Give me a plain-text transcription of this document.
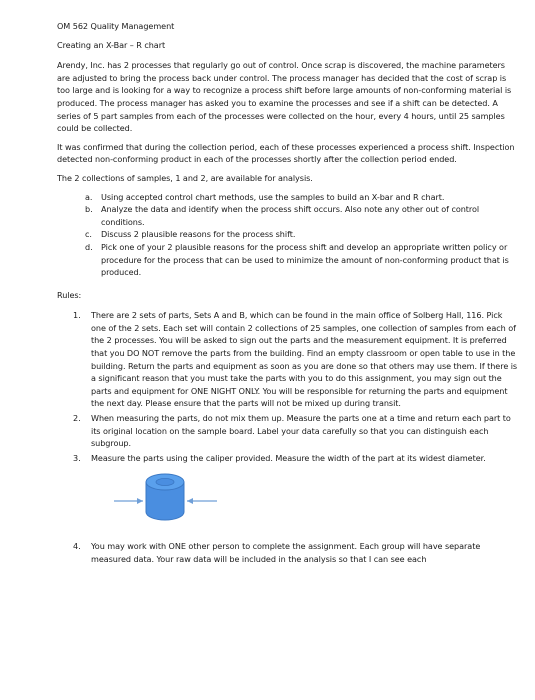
OM 562 Quality Management

Creating an X-Bar – R chart

Arendy, Inc. has 2 processes that regularly go out of control. Once scrap is discovered, the machine parameters are adjusted to bring the process back under control. The process manager has decided that the cost of scrap is too large and is looking for a way to recognize a process shift before large amounts of non-conforming material is produced. The process manager has asked you to examine the processes and see if a shift can be detected. A series of 5 part samples from each of the processes were collected on the hour, every 4 hours, until 25 samples could be collected.

It was confirmed that during the collection period, each of these processes experienced a process shift. Inspection detected non-conforming product in each of the processes shortly after the collection period ended.

The 2 collections of samples, 1 and 2, are available for analysis.

a. Using accepted control chart methods, use the samples to build an X-bar and R chart.
b. Analyze the data and identify when the process shift occurs. Also note any other out of control conditions.
c. Discuss 2 plausible reasons for the process shift.
d. Pick one of your 2 plausible reasons for the process shift and develop an appropriate written policy or procedure for the process that can be used to minimize the amount of non-conforming product that is produced.

Rules:

1. There are 2 sets of parts, Sets A and B, which can be found in the main office of Solberg Hall, 116. Pick one of the 2 sets. Each set will contain 2 collections of 25 samples, one collection of samples from each of the 2 processes. You will be asked to sign out the parts and the measurement equipment. It is preferred that you DO NOT remove the parts from the building. Find an empty classroom or open table to use in the building. Return the parts and equipment as soon as you are done so that others may use them. If there is a significant reason that you must take the parts with you to do this assignment, you may sign out the parts and equipment for ONE NIGHT ONLY. You will be responsible for returning the parts and equipment the next day. Please ensure that the parts will not be mixed up during transit.
2. When measuring the parts, do not mix them up. Measure the parts one at a time and return each part to its original location on the sample board. Label your data carefully so that you can distinguish each subgroup.
3. Measure the parts using the caliper provided. Measure the width of the part at its widest diameter.
4. You may work with ONE other person to complete the assignment. Each group will have separate measured data. Your raw data will be included in the analysis so that I can see each
